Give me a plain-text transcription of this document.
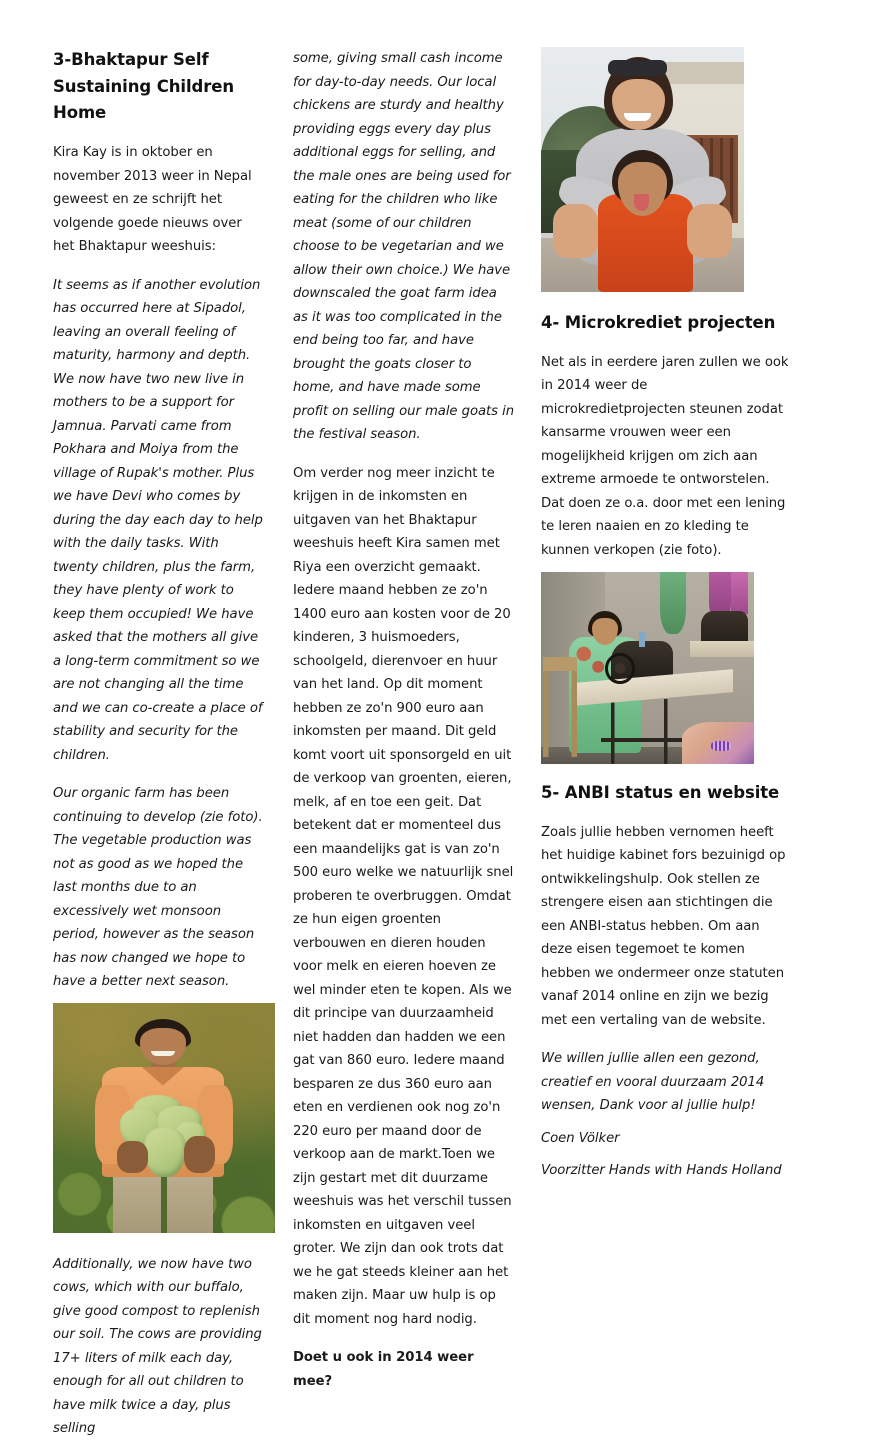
3-Bhaktapur Self Sustaining Children Home

Kira Kay is in oktober en november 2013 weer in Nepal geweest en ze schrijft het volgende goede nieuws over het Bhaktapur weeshuis:

It seems as if another evolution has occurred here at Sipadol, leaving an overall feeling of maturity, harmony and depth. We now have two new live in mothers to be a support for Jamnua. Parvati came from Pokhara and Moiya from the village of Rupak's mother. Plus we have Devi who comes by during the day each day to help with the daily tasks. With twenty children, plus the farm, they have plenty of work to keep them occupied! We have asked that the mothers all give a long-term commitment so we are not changing all the time and we can co-create a place of stability and security for the children.

Our organic farm has been continuing to develop (zie foto). The vegetable production was not as good as we hoped the last months due to an excessively wet monsoon period, however as the season has now changed we hope to have a better next season.

Additionally, we now have two cows, which with our buffalo, give good compost to replenish our soil. The cows are providing 17+ liters of milk each day, enough for all out children to have milk twice a day, plus selling

some, giving small cash income for day-to-day needs. Our local chickens are sturdy and healthy providing eggs every day plus additional eggs for selling, and the male ones are being used for eating for the children who like meat (some of our children choose to be vegetarian and we allow their own choice.) We have downscaled the goat farm idea as it was too complicated in the end being too far, and have brought the goats closer to home, and have made some profit on selling our male goats in the festival season.

Om verder nog meer inzicht te krijgen in de inkomsten en uitgaven van het Bhaktapur weeshuis heeft Kira samen met Riya een overzicht gemaakt. Iedere maand hebben ze zo'n 1400 euro aan kosten voor de 20 kinderen, 3 huismoeders, schoolgeld, dierenvoer en huur van het land. Op dit moment hebben ze zo'n 900 euro aan inkomsten per maand. Dit geld komt voort uit sponsorgeld en uit de verkoop van groenten, eieren, melk, af en toe een geit. Dat betekent dat er momenteel dus een maandelijks gat is van zo'n 500 euro welke we natuurlijk snel proberen te overbruggen. Omdat ze hun eigen groenten verbouwen en dieren houden voor melk en eieren hoeven ze wel minder eten te kopen. Als we dit principe van duurzaamheid niet hadden dan hadden we een gat van 860 euro. Iedere maand besparen ze dus 360 euro aan eten en verdienen ook nog zo'n 220 euro per maand door de verkoop aan de markt.Toen we zijn gestart met dit duurzame weeshuis was het verschil tussen inkomsten en uitgaven veel groter. We zijn dan ook trots dat we he gat steeds kleiner aan het maken zijn. Maar uw hulp is op dit moment nog hard nodig.

Doet u ook in 2014 weer mee?

4- Microkrediet projecten

Net als in eerdere jaren zullen we ook in 2014 weer de microkredietprojecten steunen zodat kansarme vrouwen weer een mogelijkheid krijgen om zich aan extreme armoede te ontworstelen. Dat doen ze o.a. door met een lening te leren naaien en zo kleding te kunnen verkopen (zie foto).

5- ANBI status en website

Zoals jullie hebben vernomen heeft het huidige kabinet fors bezuinigd op ontwikkelingshulp. Ook stellen ze strengere eisen aan stichtingen die een ANBI-status hebben. Om aan deze eisen tegemoet te komen hebben we ondermeer onze statuten vanaf 2014 online en zijn we bezig met een vertaling van de website.

We willen jullie allen een gezond, creatief en vooral duurzaam 2014 wensen, Dank voor al jullie hulp!

Coen Völker

Voorzitter Hands with Hands Holland
